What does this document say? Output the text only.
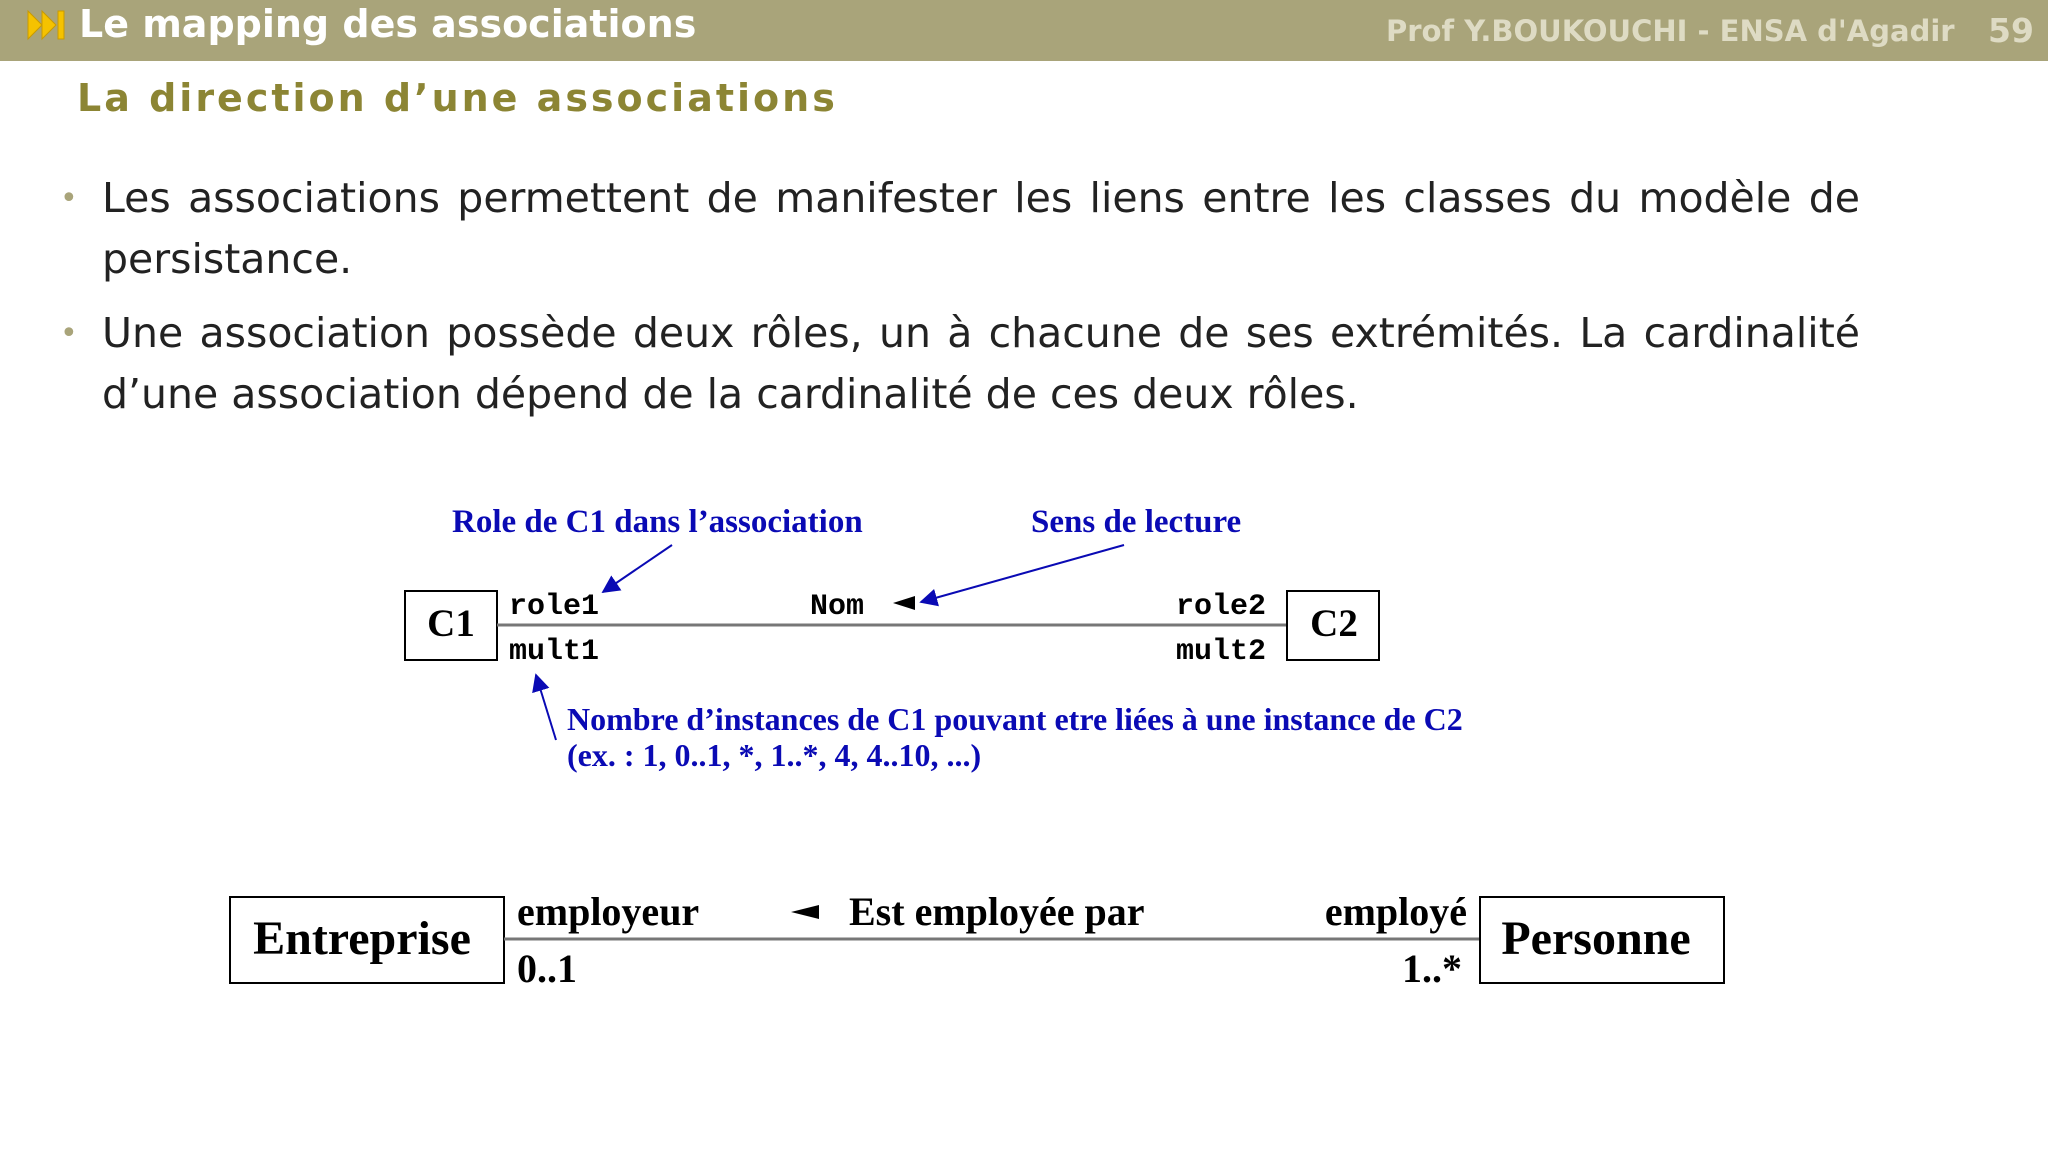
Le mapping des associations	Prof Y.BOUKOUCHI - ENSA d'Agadir 59
La direction d’une associations
• Les associations permettent de manifester les liens entre les classes du modèle de persistance.
• Une association possède deux rôles, un à chacune de ses extrémités. La cardinalité d’une association dépend de la cardinalité de ces deux rôles.
Role de C1 dans l’association	Sens de lecture
C1	C2
role1
mult1
Nom	role2
mult2
Nombre d’instances de C1 pouvant etre liées à une instance de C2
(ex. : 1, 0..1, *, 1..*, 4, 4..10, ...)
Entreprise	Personne
employeur
0..1
Est employée par	employé
1..*
